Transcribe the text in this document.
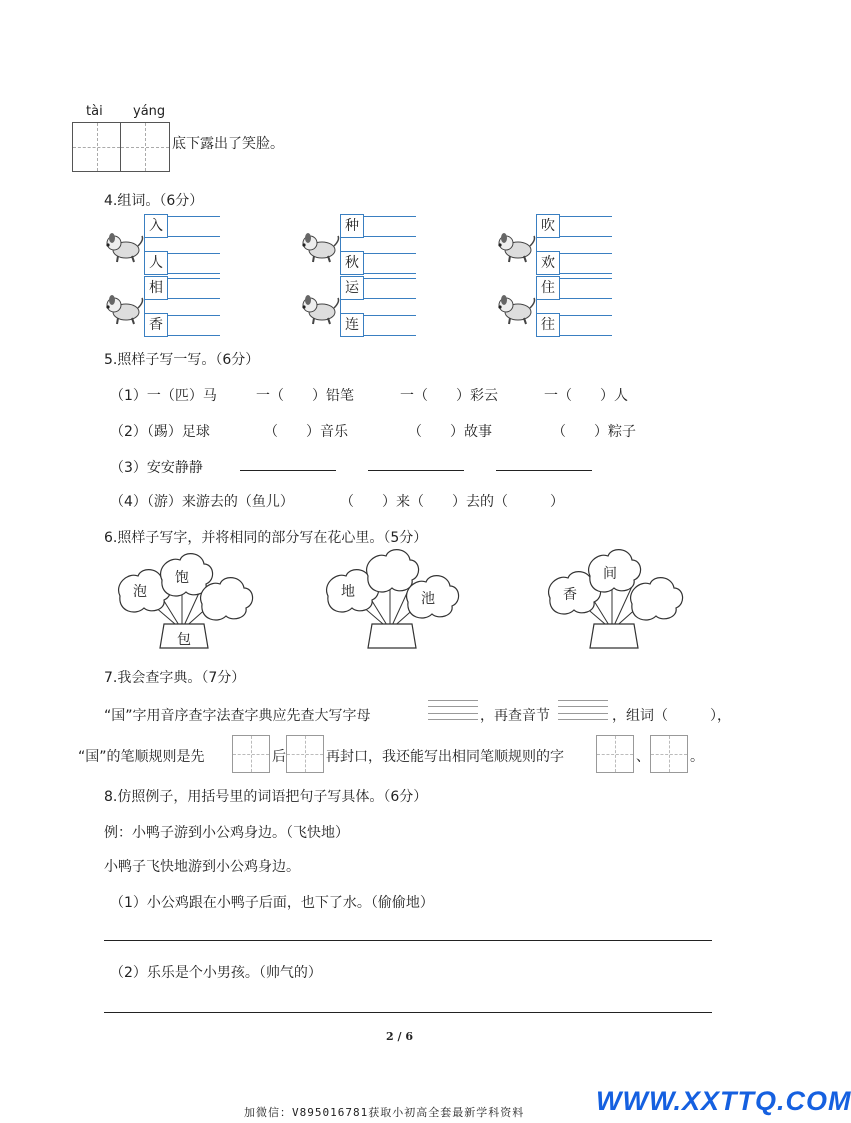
tài yáng
底下露出了笑脸。
4.组词。（6分）
入
人
相
香
种
秋
运
连
吹
欢
住
往
5.照样子写一写。（6分）
（1）一（匹）马	一（　　）铅笔	一（　　）彩云	一（　　）人
（2）（踢）足球	（　　）音乐	（　　）故事	（　　）粽子
（3）安安静静
（4）（游）来游去的（鱼儿）	（　　）来（　　）去的（　　　）
6.照样子写字，并将相同的部分写在花心里。（5分）
泡
饱
包
地	池	香
间
7.我会查字典。（7分）
“国”字用音序查字法查字典应先查大写字母	，再查音节	，组词（　　　），
“国”的笔顺规则是先	后	再封口，我还能写出相同笔顺规则的字	、	。
8.仿照例子，用括号里的词语把句子写具体。（6分）
例：小鸭子游到小公鸡身边。（飞快地）
小鸭子飞快地游到小公鸡身边。
（1）小公鸡跟在小鸭子后面，也下了水。（偷偷地）
（2）乐乐是个小男孩。（帅气的）
2 / 6
加微信：V895016781获取小初高全套最新学科资料	WWW.XXTTQ.COM
